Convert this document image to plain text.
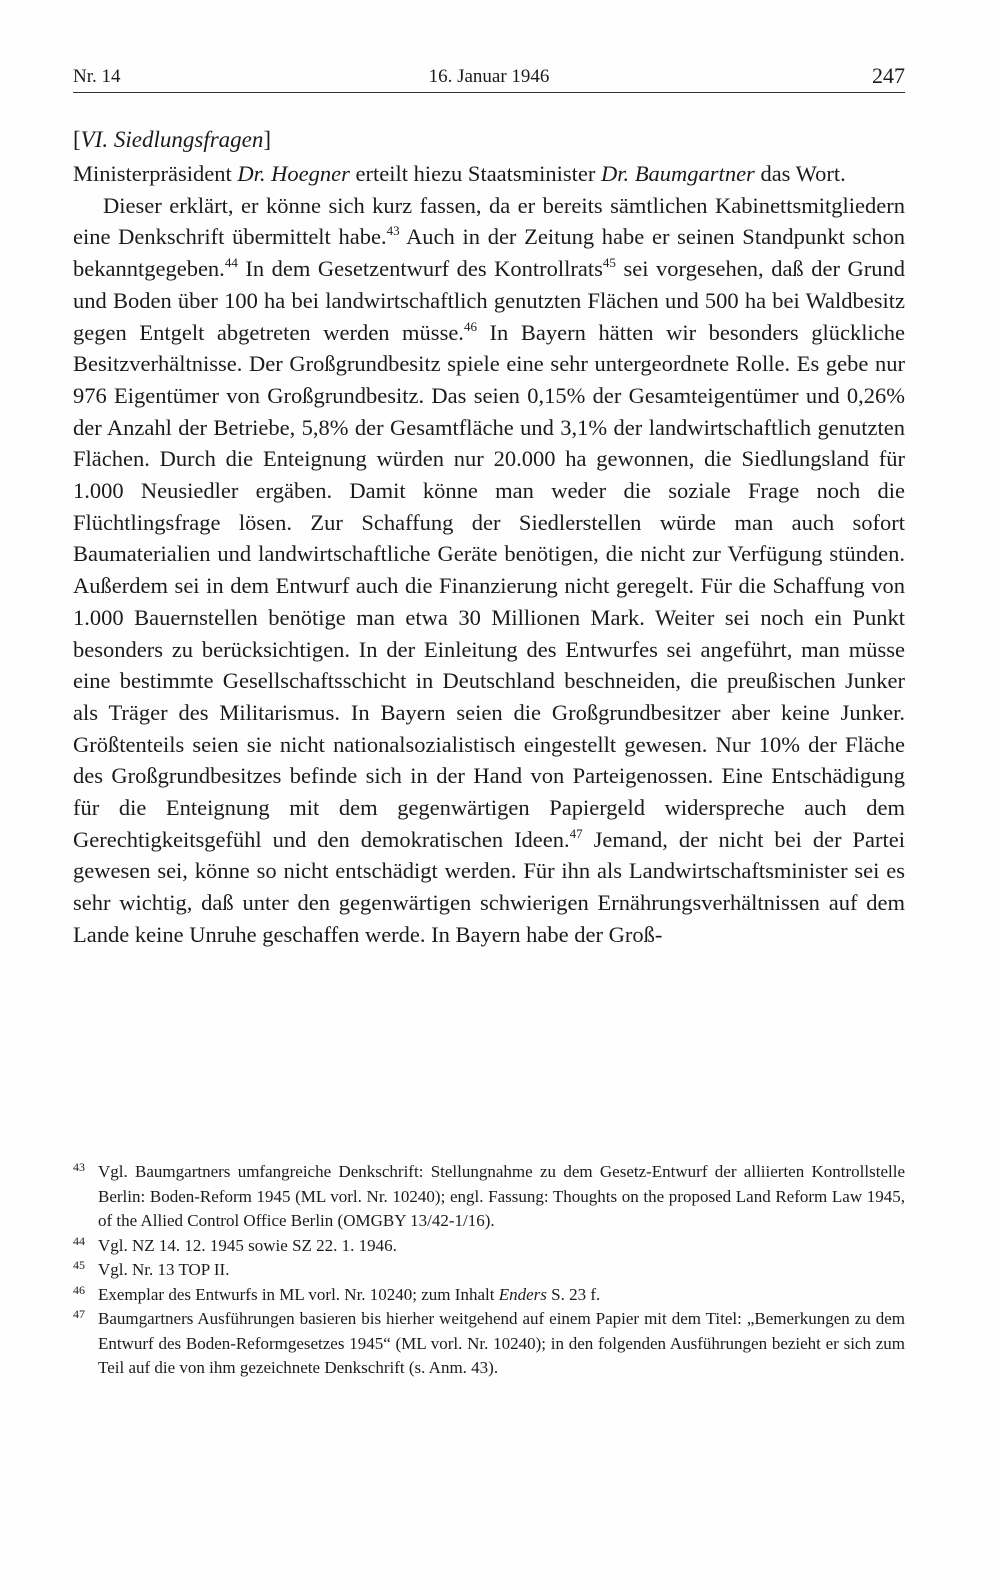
Nr. 14	16. Januar 1946	247
[VI. Siedlungsfragen]

Ministerpräsident Dr. Hoegner erteilt hiezu Staatsminister Dr. Baumgartner das Wort.

Dieser erklärt, er könne sich kurz fassen, da er bereits sämtlichen Kabinettsmitgliedern eine Denkschrift übermittelt habe.$^{43}$ Auch in der Zeitung habe er seinen Standpunkt schon bekanntgegeben.$^{44}$ In dem Gesetzentwurf des Kontrollrats$^{45}$ sei vorgesehen, daß der Grund und Boden über 100 ha bei landwirtschaftlich genutzten Flächen und 500 ha bei Waldbesitz gegen Entgelt abgetreten werden müsse.$^{46}$ In Bayern hätten wir besonders glückliche Besitzverhältnisse. Der Großgrundbesitz spiele eine sehr untergeordnete Rolle. Es gebe nur 976 Eigentümer von Großgrundbesitz. Das seien 0,15% der Gesamteigentümer und 0,26% der Anzahl der Betriebe, 5,8% der Gesamtfläche und 3,1% der landwirtschaftlich genutzten Flächen. Durch die Enteignung würden nur 20.000 ha gewonnen, die Siedlungsland für 1.000 Neusiedler ergäben. Damit könne man weder die soziale Frage noch die Flüchtlingsfrage lösen. Zur Schaffung der Siedlerstellen würde man auch sofort Baumaterialien und landwirtschaftliche Geräte benötigen, die nicht zur Verfügung stünden. Außerdem sei in dem Entwurf auch die Finanzierung nicht geregelt. Für die Schaffung von 1.000 Bauernstellen benötige man etwa 30 Millionen Mark. Weiter sei noch ein Punkt besonders zu berücksichtigen. In der Einleitung des Entwurfes sei angeführt, man müsse eine bestimmte Gesellschaftsschicht in Deutschland beschneiden, die preußischen Junker als Träger des Militarismus. In Bayern seien die Großgrundbesitzer aber keine Junker. Größtenteils seien sie nicht nationalsozialistisch eingestellt gewesen. Nur 10% der Fläche des Großgrundbesitzes befinde sich in der Hand von Parteigenossen. Eine Entschädigung für die Enteignung mit dem gegenwärtigen Papiergeld widerspreche auch dem Gerechtigkeitsgefühl und den demokratischen Ideen.$^{47}$ Jemand, der nicht bei der Partei gewesen sei, könne so nicht entschädigt werden. Für ihn als Landwirtschaftsminister sei es sehr wichtig, daß unter den gegenwärtigen schwierigen Ernährungsverhältnissen auf dem Lande keine Unruhe geschaffen werde. In Bayern habe der Groß-

43 Vgl. Baumgartners umfangreiche Denkschrift: Stellungnahme zu dem Gesetz-Entwurf der alliierten Kontrollstelle Berlin: Boden-Reform 1945 (ML vorl. Nr. 10240); engl. Fassung: Thoughts on the proposed Land Reform Law 1945, of the Allied Control Office Berlin (OMGBY 13/42-1/16).
44 Vgl. NZ 14. 12. 1945 sowie SZ 22. 1. 1946.
45 Vgl. Nr. 13 TOP II.
46 Exemplar des Entwurfs in ML vorl. Nr. 10240; zum Inhalt Enders S. 23 f.
47 Baumgartners Ausführungen basieren bis hierher weitgehend auf einem Papier mit dem Titel: „Bemerkungen zu dem Entwurf des Boden-Reformgesetzes 1945“ (ML vorl. Nr. 10240); in den folgenden Ausführungen bezieht er sich zum Teil auf die von ihm gezeichnete Denkschrift (s. Anm. 43).
